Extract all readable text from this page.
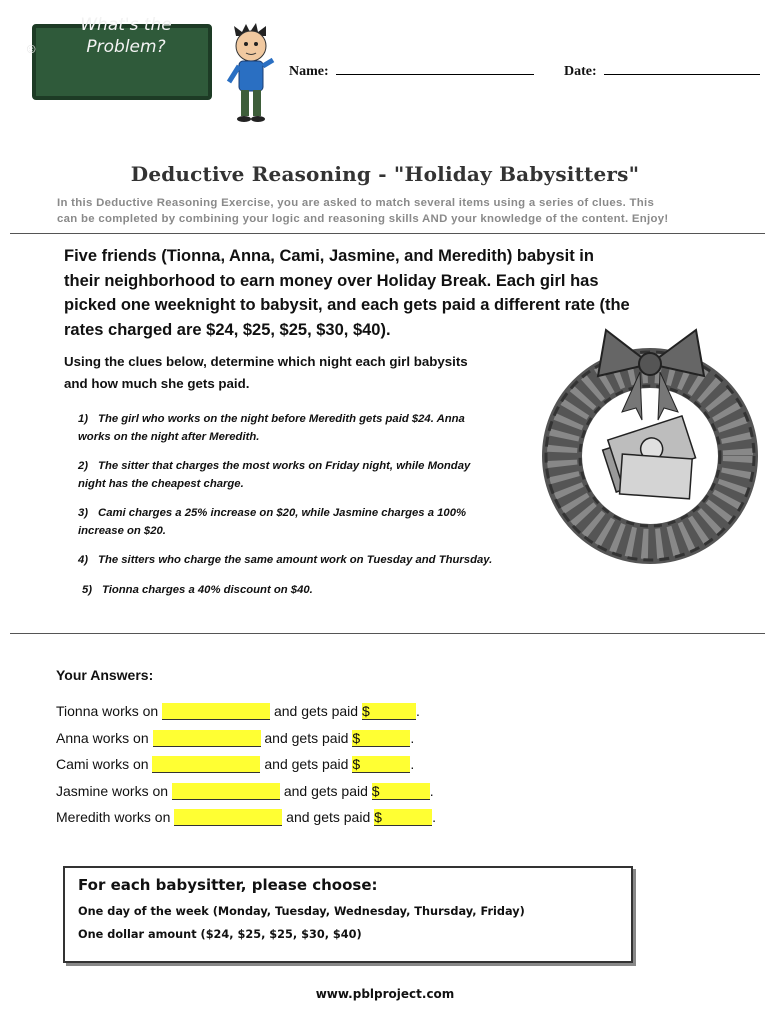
What's the
Problem?
☺
Name:	Date:
Deductive Reasoning - "Holiday Babysitters"
In this Deductive Reasoning Exercise, you are asked to match several items using a series of clues. This
can be completed by combining your logic and reasoning skills AND your knowledge of the content. Enjoy!
Five friends (Tionna, Anna, Cami, Jasmine, and Meredith) babysit in
their neighborhood to earn money over Holiday Break. Each girl has
picked one weeknight to babysit, and each gets paid a different rate (the
rates charged are $24, $25, $25, $30, $40).
Using the clues below, determine which night each girl babysits
and how much she gets paid.
1) The girl who works on the night before Meredith gets paid $24. Anna
works on the night after Meredith.
2) The sitter that charges the most works on Friday night, while Monday
night has the cheapest charge.
3) Cami charges a 25% increase on $20, while Jasmine charges a 100%
increase on $20.
4) The sitters who charge the same amount work on Tuesday and Thursday.
5) Tionna charges a 40% discount on $40.
Your Answers:
Tionna works on	and gets paid $	.
Anna works on	and gets paid $	.
Cami works on	and gets paid $	.
Jasmine works on	and gets paid $	.
Meredith works on	and gets paid $	.
For each babysitter, please choose:
One day of the week (Monday, Tuesday, Wednesday, Thursday, Friday)
One dollar amount ($24, $25, $25, $30, $40)
www.pblproject.com
